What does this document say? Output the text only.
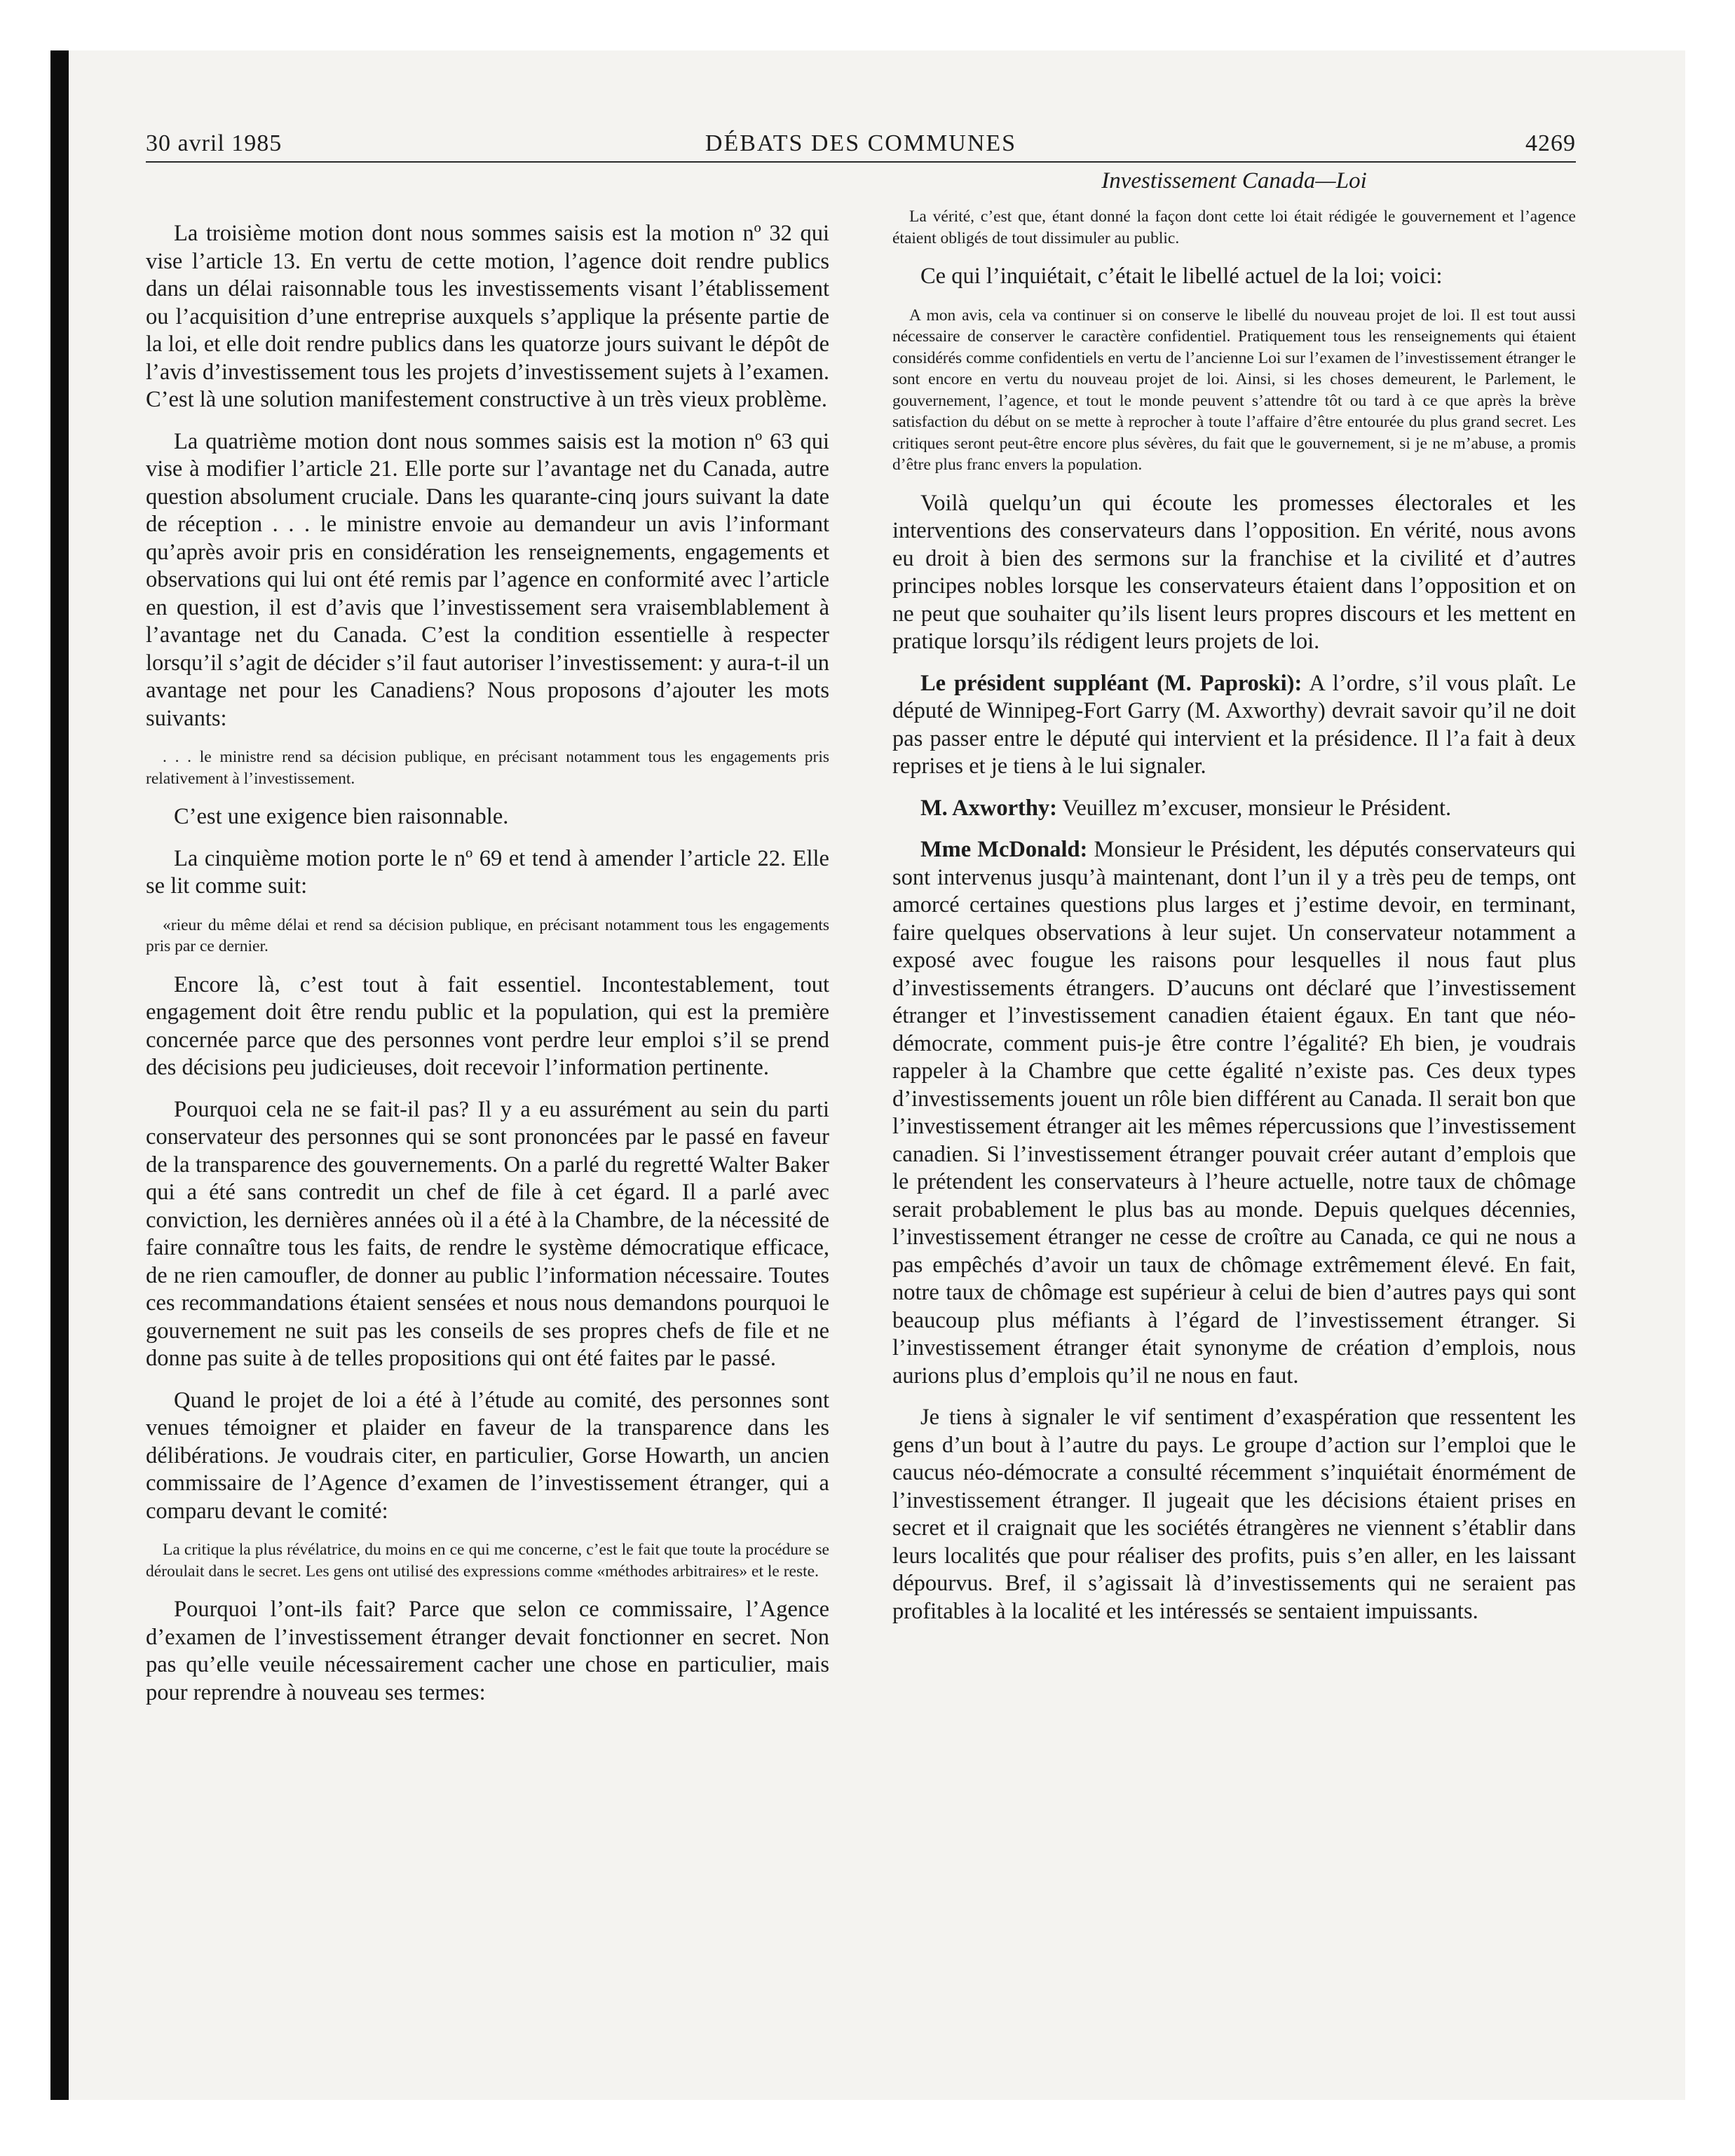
30 avril 1985	DÉBATS DES COMMUNES	4269

La troisième motion dont nous sommes saisis est la motion nº 32 qui vise l’article 13. En vertu de cette motion, l’agence doit rendre publics dans un délai raisonnable tous les investissements visant l’établissement ou l’acquisition d’une entreprise auxquels s’applique la présente partie de la loi, et elle doit rendre publics dans les quatorze jours suivant le dépôt de l’avis d’investissement tous les projets d’investissement sujets à l’examen. C’est là une solution manifestement constructive à un très vieux problème.

La quatrième motion dont nous sommes saisis est la motion nº 63 qui vise à modifier l’article 21. Elle porte sur l’avantage net du Canada, autre question absolument cruciale. Dans les quarante-cinq jours suivant la date de réception . . . le ministre envoie au demandeur un avis l’informant qu’après avoir pris en considération les renseignements, engagements et observations qui lui ont été remis par l’agence en conformité avec l’article en question, il est d’avis que l’investissement sera vraisemblablement à l’avantage net du Canada. C’est la condition essentielle à respecter lorsqu’il s’agit de décider s’il faut autoriser l’investissement: y aura-t-il un avantage net pour les Canadiens? Nous proposons d’ajouter les mots suivants:

. . . le ministre rend sa décision publique, en précisant notamment tous les engagements pris relativement à l’investissement.

C’est une exigence bien raisonnable.

La cinquième motion porte le nº 69 et tend à amender l’article 22. Elle se lit comme suit:

«rieur du même délai et rend sa décision publique, en précisant notamment tous les engagements pris par ce dernier.

Encore là, c’est tout à fait essentiel. Incontestablement, tout engagement doit être rendu public et la population, qui est la première concernée parce que des personnes vont perdre leur emploi s’il se prend des décisions peu judicieuses, doit recevoir l’information pertinente.

Pourquoi cela ne se fait-il pas? Il y a eu assurément au sein du parti conservateur des personnes qui se sont prononcées par le passé en faveur de la transparence des gouvernements. On a parlé du regretté Walter Baker qui a été sans contredit un chef de file à cet égard. Il a parlé avec conviction, les dernières années où il a été à la Chambre, de la nécessité de faire connaître tous les faits, de rendre le système démocratique efficace, de ne rien camoufler, de donner au public l’information nécessaire. Toutes ces recommandations étaient sensées et nous nous demandons pourquoi le gouvernement ne suit pas les conseils de ses propres chefs de file et ne donne pas suite à de telles propositions qui ont été faites par le passé.

Quand le projet de loi a été à l’étude au comité, des personnes sont venues témoigner et plaider en faveur de la transparence dans les délibérations. Je voudrais citer, en particulier, Gorse Howarth, un ancien commissaire de l’Agence d’examen de l’investissement étranger, qui a comparu devant le comité:

La critique la plus révélatrice, du moins en ce qui me concerne, c’est le fait que toute la procédure se déroulait dans le secret. Les gens ont utilisé des expressions comme «méthodes arbitraires» et le reste.

Pourquoi l’ont-ils fait? Parce que selon ce commissaire, l’Agence d’examen de l’investissement étranger devait fonctionner en secret. Non pas qu’elle veuile nécessairement cacher une chose en particulier, mais pour reprendre à nouveau ses termes:

Investissement Canada—Loi

La vérité, c’est que, étant donné la façon dont cette loi était rédigée le gouvernement et l’agence étaient obligés de tout dissimuler au public.

Ce qui l’inquiétait, c’était le libellé actuel de la loi; voici:

A mon avis, cela va continuer si on conserve le libellé du nouveau projet de loi. Il est tout aussi nécessaire de conserver le caractère confidentiel. Pratiquement tous les renseignements qui étaient considérés comme confidentiels en vertu de l’ancienne Loi sur l’examen de l’investissement étranger le sont encore en vertu du nouveau projet de loi. Ainsi, si les choses demeurent, le Parlement, le gouvernement, l’agence, et tout le monde peuvent s’attendre tôt ou tard à ce que après la brève satisfaction du début on se mette à reprocher à toute l’affaire d’être entourée du plus grand secret. Les critiques seront peut-être encore plus sévères, du fait que le gouvernement, si je ne m’abuse, a promis d’être plus franc envers la population.

Voilà quelqu’un qui écoute les promesses électorales et les interventions des conservateurs dans l’opposition. En vérité, nous avons eu droit à bien des sermons sur la franchise et la civilité et d’autres principes nobles lorsque les conservateurs étaient dans l’opposition et on ne peut que souhaiter qu’ils lisent leurs propres discours et les mettent en pratique lorsqu’ils rédigent leurs projets de loi.

Le président suppléant (M. Paproski): A l’ordre, s’il vous plaît. Le député de Winnipeg-Fort Garry (M. Axworthy) devrait savoir qu’il ne doit pas passer entre le député qui intervient et la présidence. Il l’a fait à deux reprises et je tiens à le lui signaler.

M. Axworthy: Veuillez m’excuser, monsieur le Président.

Mme McDonald: Monsieur le Président, les députés conservateurs qui sont intervenus jusqu’à maintenant, dont l’un il y a très peu de temps, ont amorcé certaines questions plus larges et j’estime devoir, en terminant, faire quelques observations à leur sujet. Un conservateur notamment a exposé avec fougue les raisons pour lesquelles il nous faut plus d’investissements étrangers. D’aucuns ont déclaré que l’investissement étranger et l’investissement canadien étaient égaux. En tant que néo-démocrate, comment puis-je être contre l’égalité? Eh bien, je voudrais rappeler à la Chambre que cette égalité n’existe pas. Ces deux types d’investissements jouent un rôle bien différent au Canada. Il serait bon que l’investissement étranger ait les mêmes répercussions que l’investissement canadien. Si l’investissement étranger pouvait créer autant d’emplois que le prétendent les conservateurs à l’heure actuelle, notre taux de chômage serait probablement le plus bas au monde. Depuis quelques décennies, l’investissement étranger ne cesse de croître au Canada, ce qui ne nous a pas empêchés d’avoir un taux de chômage extrêmement élevé. En fait, notre taux de chômage est supérieur à celui de bien d’autres pays qui sont beaucoup plus méfiants à l’égard de l’investissement étranger. Si l’investissement étranger était synonyme de création d’emplois, nous aurions plus d’emplois qu’il ne nous en faut.

Je tiens à signaler le vif sentiment d’exaspération que ressentent les gens d’un bout à l’autre du pays. Le groupe d’action sur l’emploi que le caucus néo-démocrate a consulté récemment s’inquiétait énormément de l’investissement étranger. Il jugeait que les décisions étaient prises en secret et il craignait que les sociétés étrangères ne viennent s’établir dans leurs localités que pour réaliser des profits, puis s’en aller, en les laissant dépourvus. Bref, il s’agissait là d’investissements qui ne seraient pas profitables à la localité et les intéressés se sentaient impuissants.
